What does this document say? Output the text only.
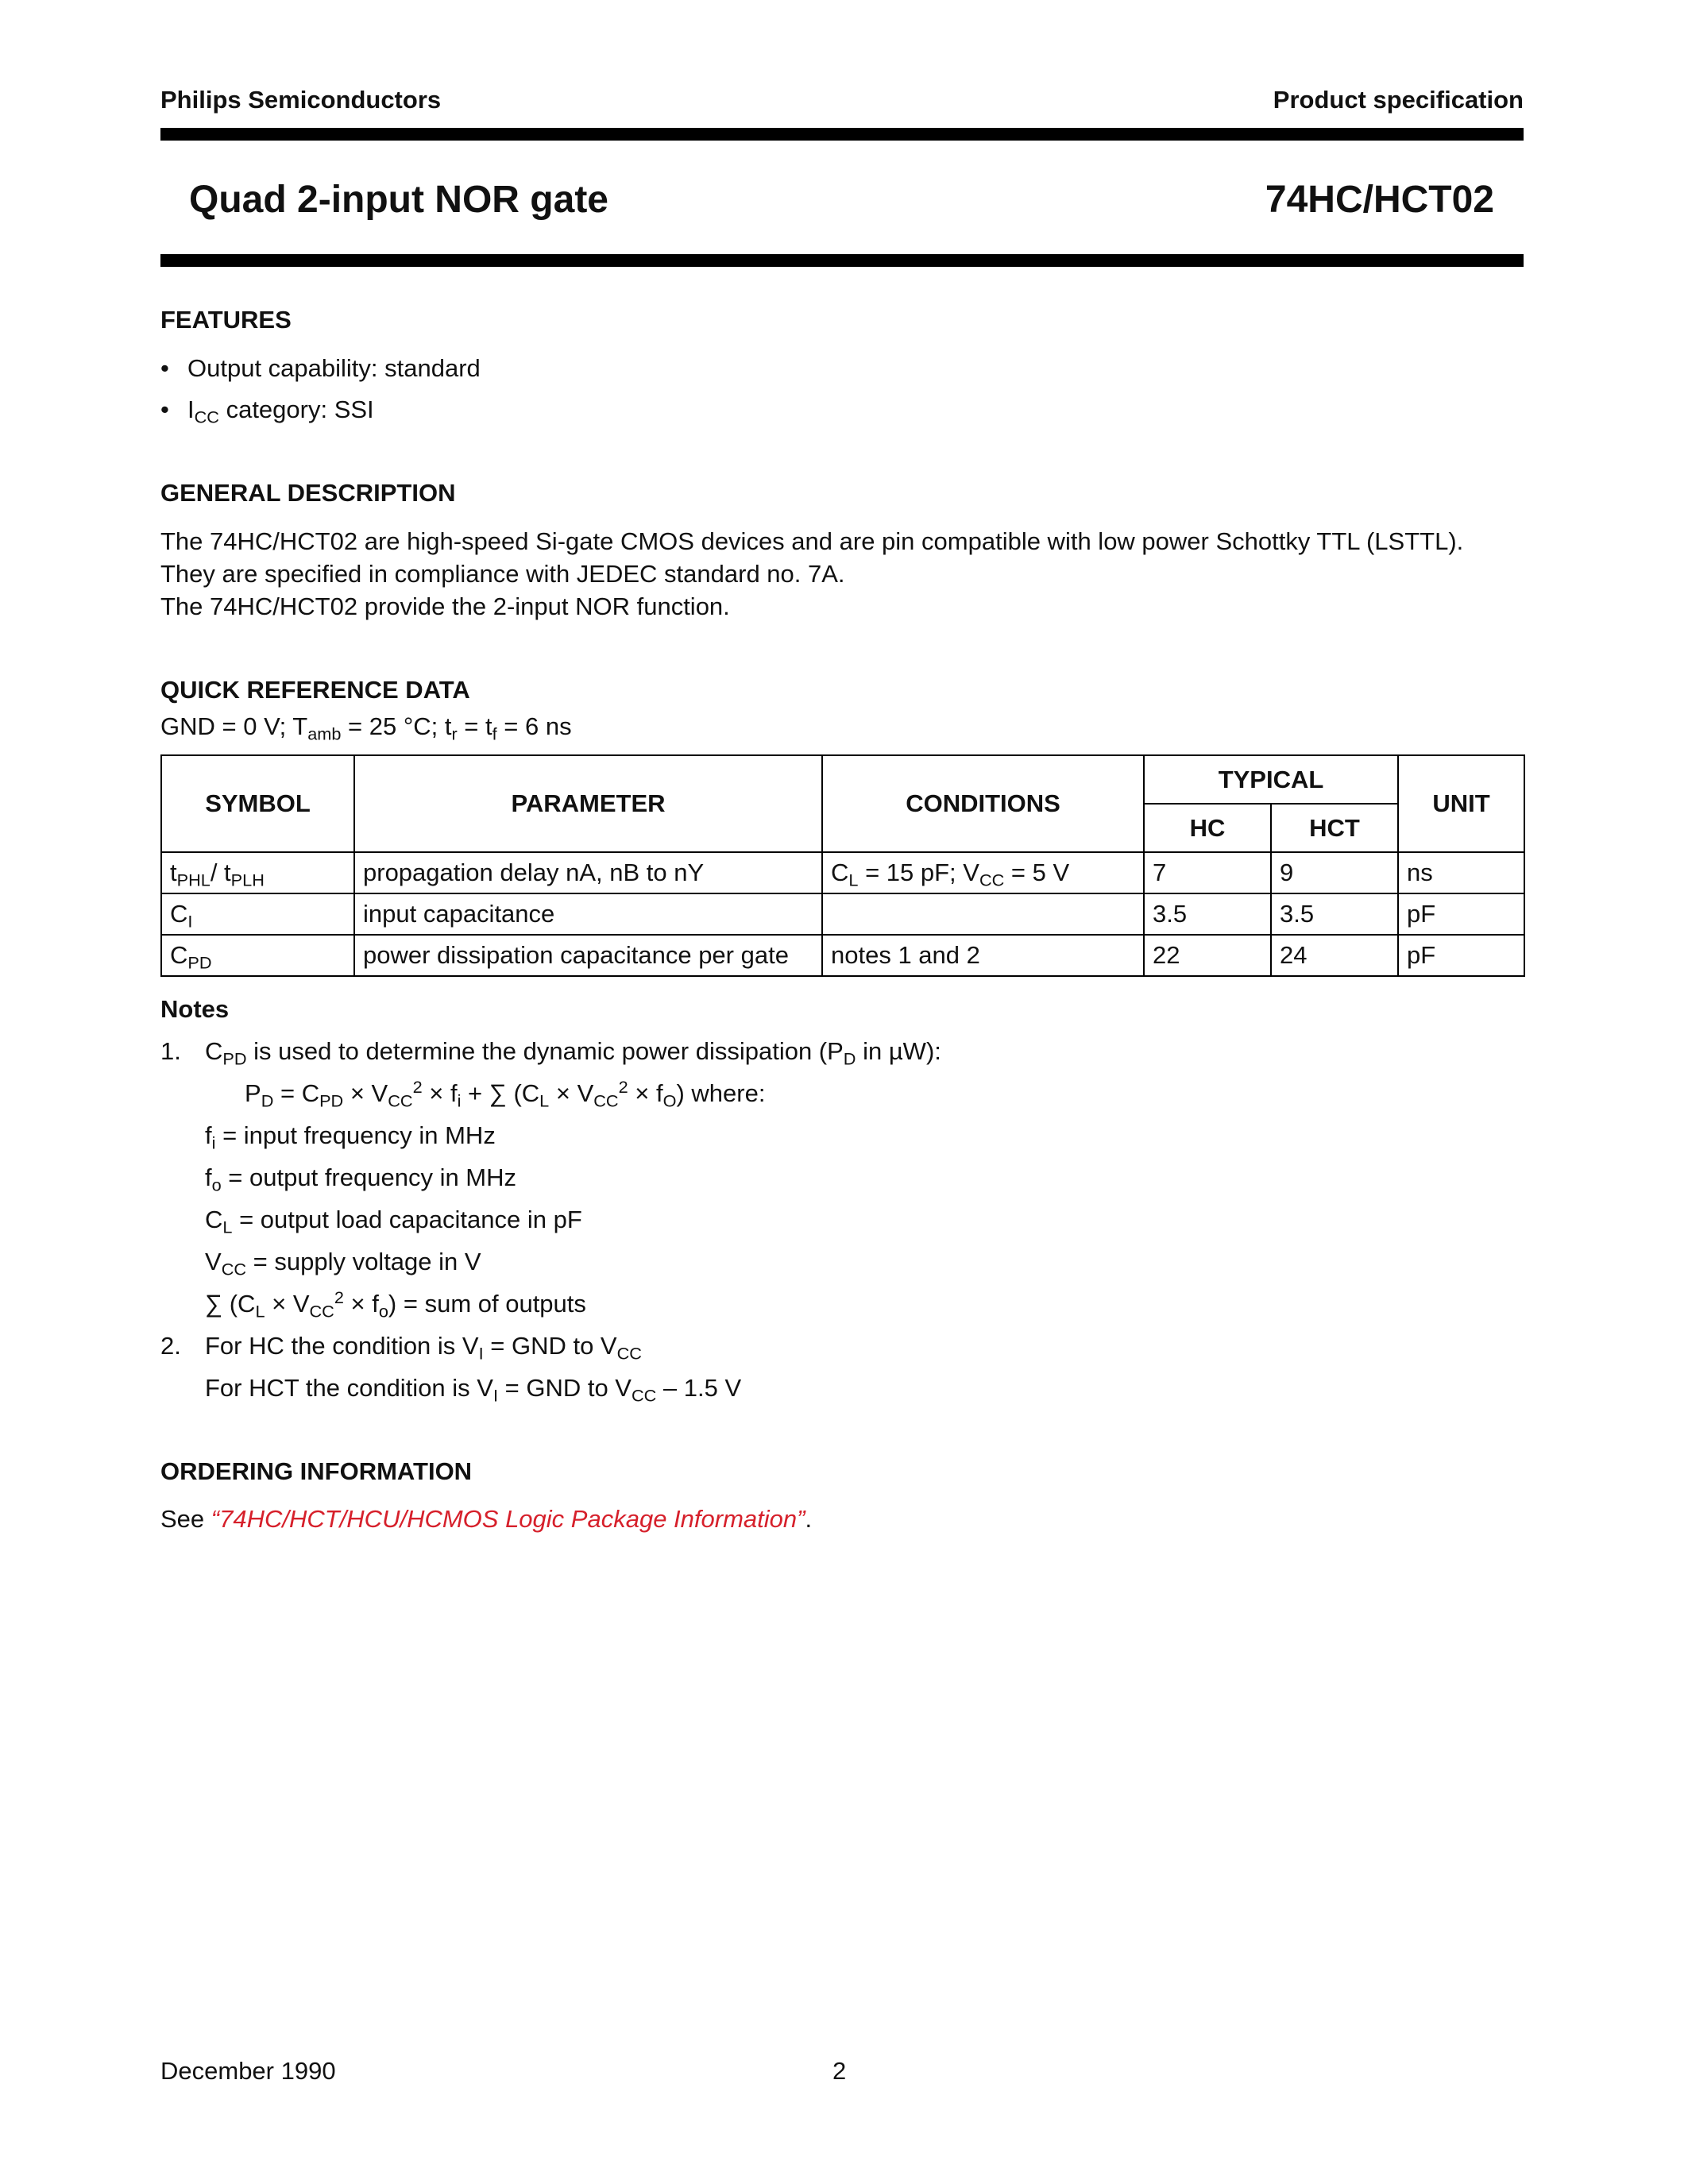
Philips Semiconductors	Product specification
Quad 2-input NOR gate	74HC/HCT02
FEATURES
• Output capability: standard
• $I_{CC}$ category: SSI
GENERAL DESCRIPTION
The 74HC/HCT02 are high-speed Si-gate CMOS devices and are pin compatible with low power Schottky TTL (LSTTL).
They are specified in compliance with JEDEC standard no. 7A.
The 74HC/HCT02 provide the 2-input NOR function.
QUICK REFERENCE DATA
GND = 0 V; $T_{amb} = 25$ °C; $t_r = t_f = 6$ ns
SYMBOL	PARAMETER	CONDITIONS	TYPICAL		UNIT
			HC	HCT	
$t_{PHL}/$ $t_{PLH}$	propagation delay nA, nB to nY	$C_L = 15$ pF; $V_{CC} = 5$ V	7	9	ns
$C_I$	input capacitance		3.5	3.5	pF
$C_{PD}$	power dissipation capacitance per gate	notes 1 and 2	22	24	pF
Notes
1. $C_{PD}$ is used to determine the dynamic power dissipation ($P_D$ in µW):
$P_D = C_{PD} \times V_{CC}^2 \times f_i$ + ∑ $(C_L \times V_{CC}^2 \times f_O)$ where:
$f_i$ = input frequency in MHz
$f_o$ = output frequency in MHz
$C_L$ = output load capacitance in pF
$V_{CC}$ = supply voltage in V
∑ $(C_L \times V_{CC}^2 \times f_o)$ = sum of outputs
2. For HC the condition is $V_I$ = GND to $V_{CC}$
For HCT the condition is $V_I$ = GND to $V_{CC} - 1.5$ V
ORDERING INFORMATION
See “74HC/HCT/HCU/HCMOS Logic Package Information”.
December 1990	2
